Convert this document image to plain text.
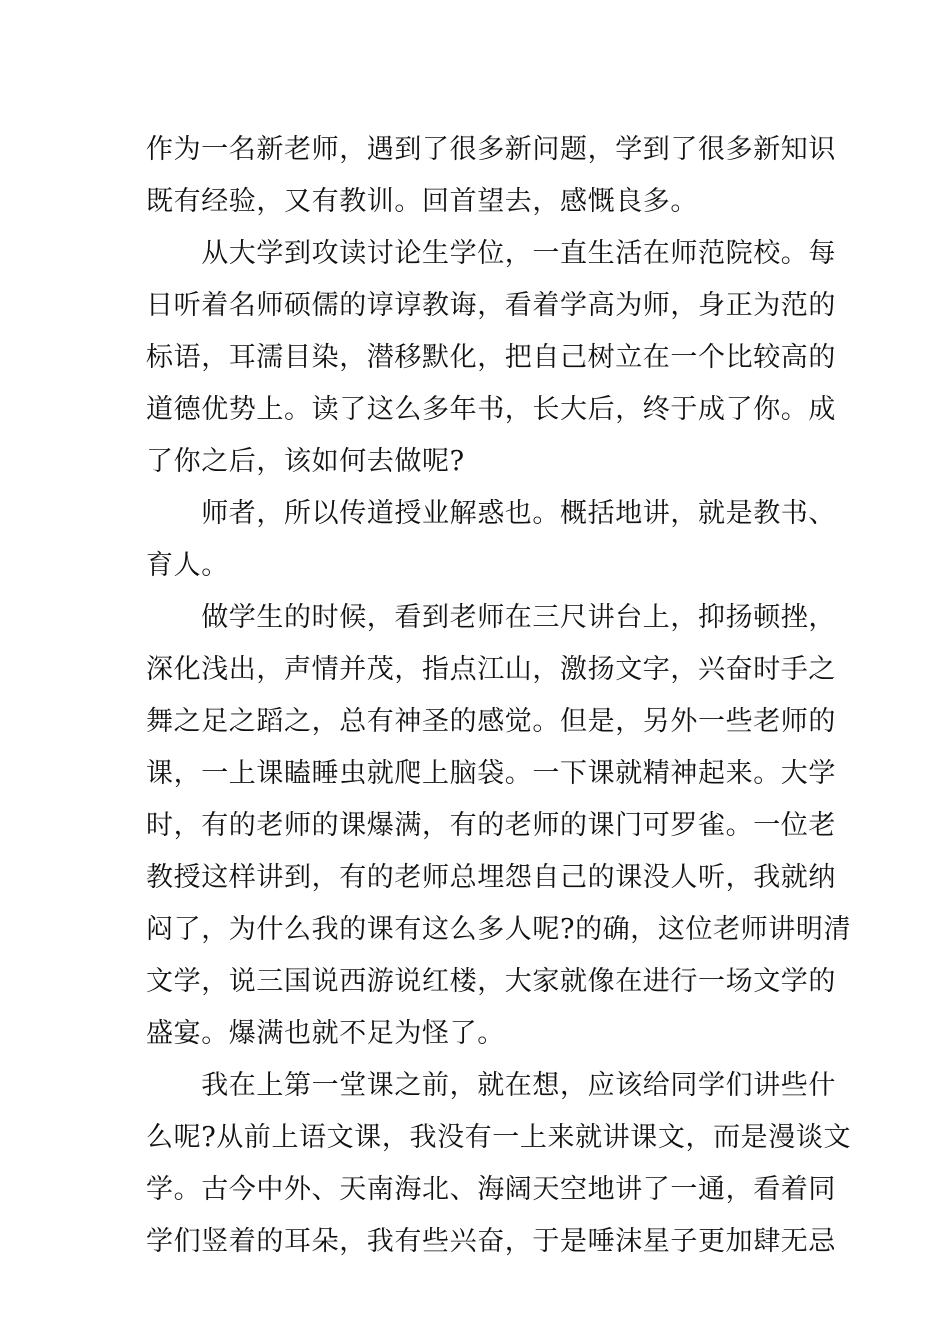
作为一名新老师，遇到了很多新问题，学到了很多新知识
既有经验，又有教训。回首望去，感慨良多。
　　从大学到攻读讨论生学位，一直生活在师范院校。每
日听着名师硕儒的谆谆教诲，看着学高为师，身正为范的
标语，耳濡目染，潜移默化，把自己树立在一个比较高的
道德优势上。读了这么多年书，长大后，终于成了你。成
了你之后，该如何去做呢?
　　师者，所以传道授业解惑也。概括地讲，就是教书、
育人。
　　做学生的时候，看到老师在三尺讲台上，抑扬顿挫，
深化浅出，声情并茂，指点江山，激扬文字，兴奋时手之
舞之足之蹈之，总有神圣的感觉。但是，另外一些老师的
课，一上课瞌睡虫就爬上脑袋。一下课就精神起来。大学
时，有的老师的课爆满，有的老师的课门可罗雀。一位老
教授这样讲到，有的老师总埋怨自己的课没人听，我就纳
闷了，为什么我的课有这么多人呢?的确，这位老师讲明清
文学，说三国说西游说红楼，大家就像在进行一场文学的
盛宴。爆满也就不足为怪了。
　　我在上第一堂课之前，就在想，应该给同学们讲些什
么呢?从前上语文课，我没有一上来就讲课文，而是漫谈文
学。古今中外、天南海北、海阔天空地讲了一通，看着同
学们竖着的耳朵，我有些兴奋，于是唾沫星子更加肆无忌
